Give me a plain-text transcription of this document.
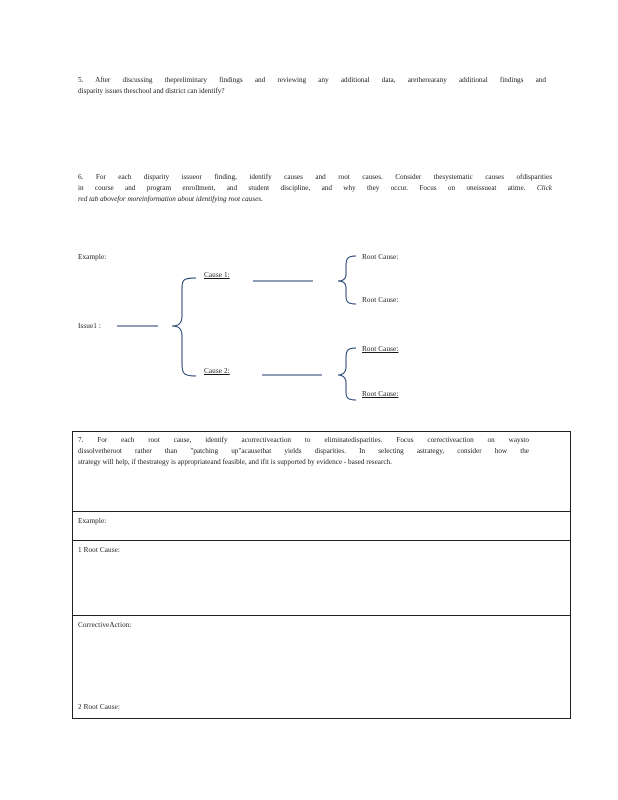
5. After discussing thepreliminary findings and reviewing any additional data, aretherearany additional findings and
disparity issues theschool and district can identify?
6. For each disparity issueor finding, identify causes and root causes. Consider thesystematic causes ofdisparities
in course and program enrollment, and student discipline, and why they occur. Focus on oneissueat atime. Click
red tab abovefor moreinformation about identifying root causes.
Example:
Issue1 :
Cause 1:
Cause 2:
Root Cause:
Root Cause:
Root Cause:
Root Cause:
7. For each root cause, identify acorrectiveaction to eliminatedisparities. Focus correctiveaction on waysto
dissolvetheroot rather than "patching up"acausethat yields disparities. In selecting astrategy, consider how the
strategy will help, if thestrategy is appropriateand feasible, and ifit is supported by evidence - based research.
Example:
1 Root Cause:
CorrectiveAction:
2 Root Cause:
